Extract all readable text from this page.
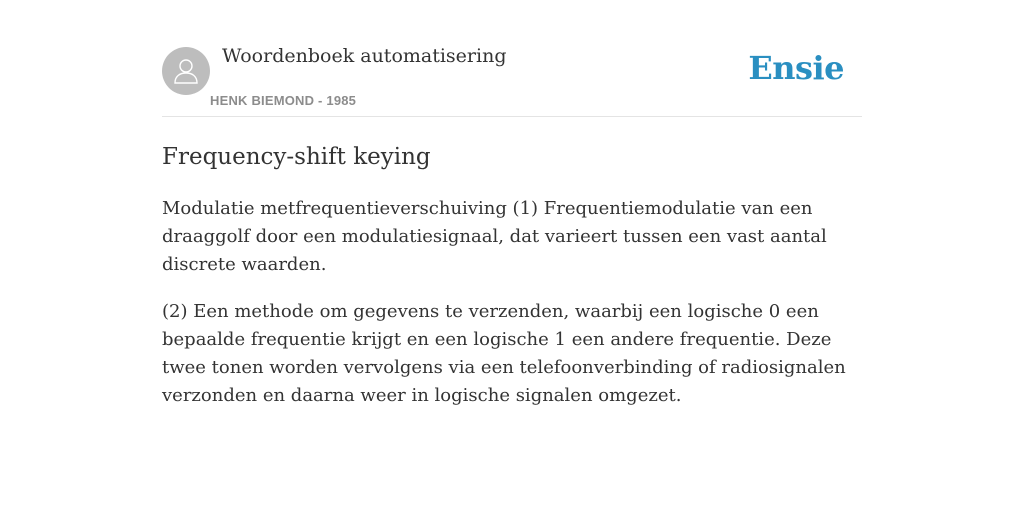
Woordenboek automatisering
HENK BIEMOND - 1985
Ensie
Frequency-shift keying

Modulatie metfrequentieverschuiving (1) Frequentiemodulatie van een draaggolf door een modulatiesignaal, dat varieert tussen een vast aantal discrete waarden.

(2) Een methode om gegevens te verzenden, waarbij een logische 0 een bepaalde frequentie krijgt en een logische 1 een andere frequentie. Deze twee tonen worden vervolgens via een telefoonverbinding of radiosignalen verzonden en daarna weer in logische signalen omgezet.
